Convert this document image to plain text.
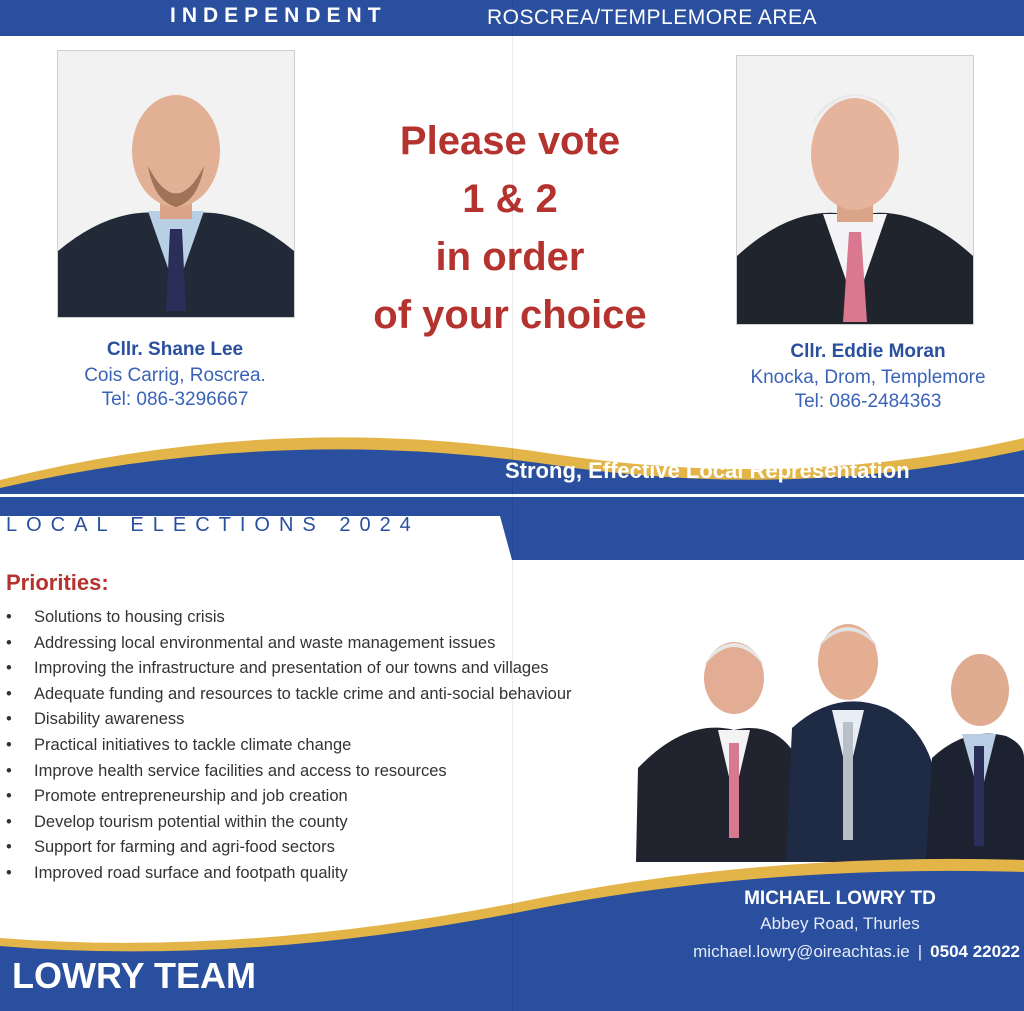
INDEPENDENT	ROSCREA/TEMPLEMORE AREA
Please vote
1 & 2
in order
of your choice
Cllr. Shane Lee
Cois Carrig, Roscrea.
Tel: 086-3296667
Cllr. Eddie Moran
Knocka, Drom, Templemore
Tel: 086-2484363
Strong, Effective Local Representation
LOCAL ELECTIONS 2024
Priorities:
• Solutions to housing crisis
• Addressing local environmental and waste management issues
• Improving the infrastructure and presentation of our towns and villages
• Adequate funding and resources to tackle crime and anti-social behaviour
• Disability awareness
• Practical initiatives to tackle climate change
• Improve health service facilities and access to resources
• Promote entrepreneurship and job creation
• Develop tourism potential within the county
• Support for farming and agri-food sectors
• Improved road surface and footpath quality
LOWRY TEAM
MICHAEL LOWRY TD
Abbey Road, Thurles
michael.lowry@oireachtas.ie | 0504 22022
